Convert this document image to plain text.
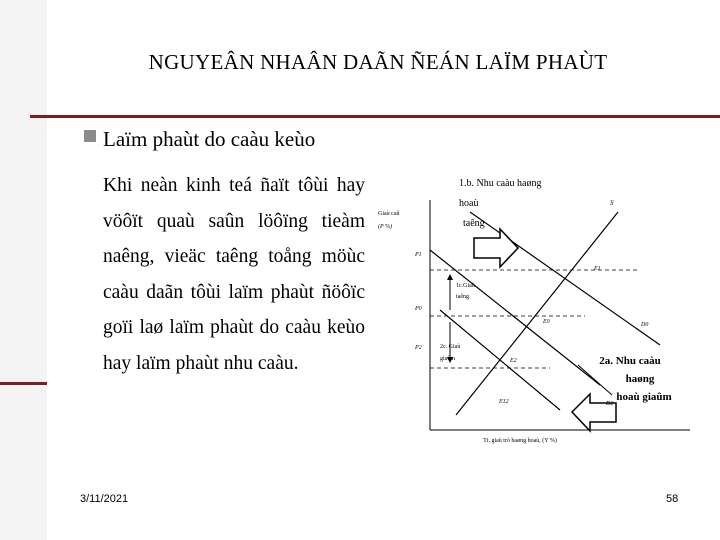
NGUYEÂN NHAÂN DAÃN ÑEÁN LAÏM PHAÙT
Laïm phaùt do caàu keùo
Khi neàn kinh teá ñaït tôùi hay vöôït quaù saûn löôïng tieàm naêng, vieäc taêng toång möùc caàu daãn tôùi laïm phaùt ñöôïc goïi laø laïm phaùt do caàu keùo hay laïm phaùt nhu caàu.
Giaù caû
(P %)
P1
P0
P2
E1
E0
E2
E12
S
D0
D2
1.b. Nhu caàu haøng
hoaù
taêng
1c.Giaù
taêng
2c. Giaù
giaûm	2a. Nhu caàu
haøng
hoaù giaûm
Tt. giaù trò haøng hoaù, (Y %)
3/11/2021	58
